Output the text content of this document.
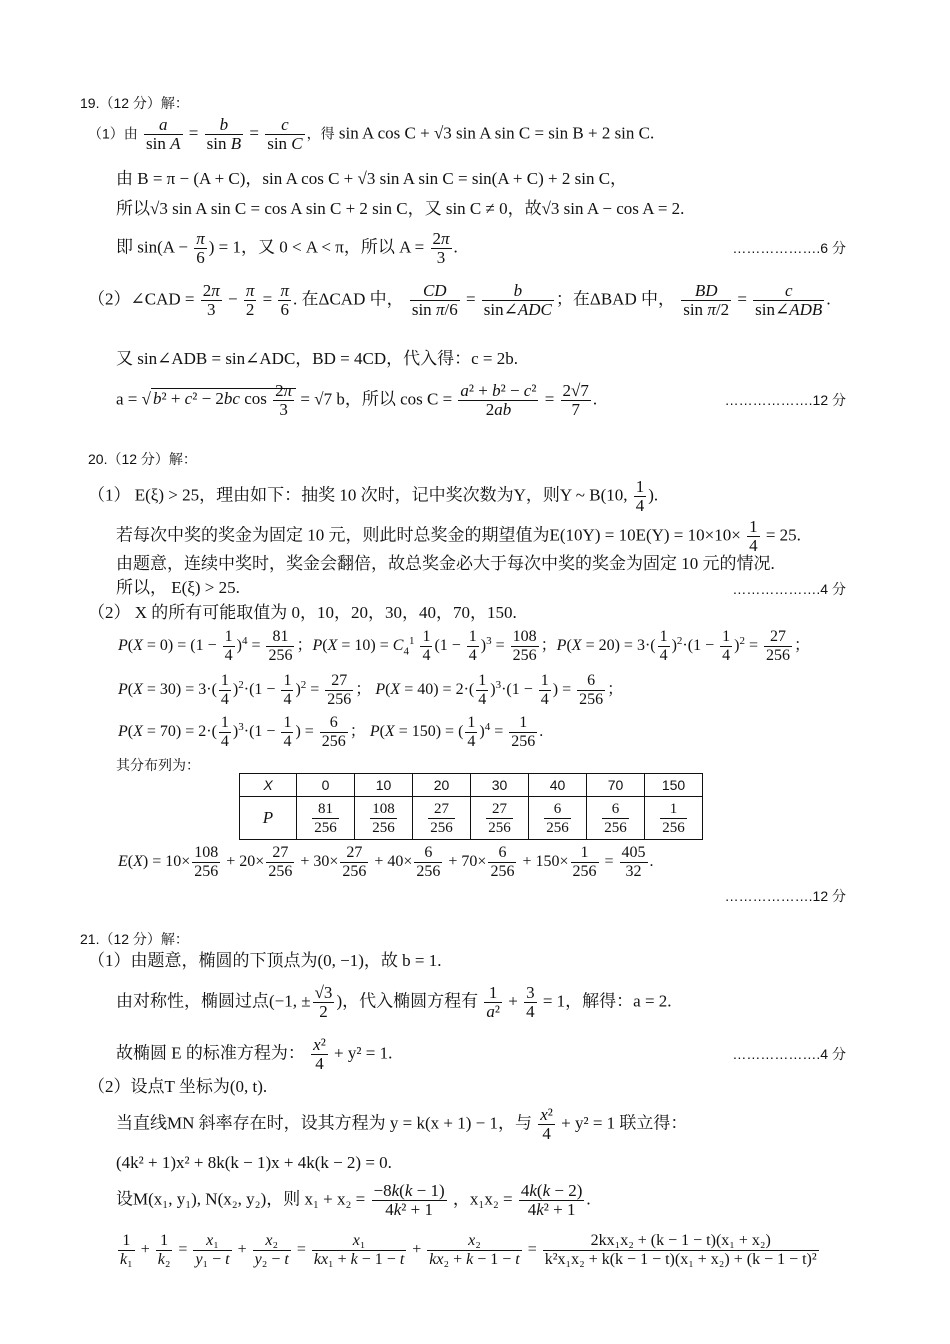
19.（12 分）解：
（1）由 $\frac{a}{\text{sin A}} = \frac{b}{\text{sin B}} = \frac{c}{\text{sin C}}$ ，得 sin A cos C + √3 sin A sin C = sin B + 2 sin C.
由 B = π − (A + C)，sin A cos C + √3 sin A sin C = sin(A + C) + 2 sin C，
所以√3 sin A sin C = cos A sin C + 2 sin C，又 sin C ≠ 0，故√3 sin A − cos A = 2.
即 $\sin(A - \frac{\pi}{6}$ ) = 1，又 0 < A < π，所以 $A = \frac{2\pi}{3}$ .	……………….6 分
（2）∠CAD = $\frac{2\pi}{3} - \frac{\pi}{2} = \frac{\pi}{6}$ . 在ΔCAD 中， $\frac{CD}{\text{sin π/6}}$ =	b
sin∠ADC
；在ΔBAD 中， $\frac{BD}{\text{sin π/2}}$ =	c
sin∠ADB
.
又 sin∠ADB = sin∠ADC，BD = 4CD，代入得：c = 2b.
a = √ b² + c² − 2bc $\cos \frac{2\pi}{3} = √7$ b，所以 $\cos C = \frac{\text{a² + b² − c²}}{2ab} = \frac{2√7}{7}$ .	……………….12 分
20.（12 分）解：
（1） E(ξ) > 25，理由如下：抽奖 10 次时，记中奖次数为Y，则Y ~ B(10, $\frac{1}{4}$ ).
若每次中奖的奖金为固定 10 元，则此时总奖金的期望值为$E(10Y) = 10E(Y) = 10\times 10\times \frac{1}{4} = 25$.
由题意，连续中奖时，奖金会翻倍，故总奖金必大于每次中奖的奖金为固定 10 元的情况.
所以， E(ξ) > 25.	……………….4 分
（2） X 的所有可能取值为 0，10，20，30，40，70，150.
$P(X = 0) = (1 - \frac{1}{4} )^4 = \frac{81}{256}$ ；$P(X = 10) = C_4^1 \frac{1}{4} (1 - \frac{1}{4} )^3 = \frac{108}{256}$ ；$P(X = 20) = 3\cdot( \frac{1}{4} )^2\cdot(1 - \frac{1}{4} )^2 = \frac{27}{256}$ ；
$P(X = 30) = 3\cdot( \frac{1}{4} )^2\cdot(1 - \frac{1}{4} )^2 = \frac{27}{256}$ ； $P(X = 40) = 2\cdot( \frac{1}{4} )^3\cdot(1 - \frac{1}{4}$ ) = $\frac{6}{256}$ ；
$P(X = 70) = 2\cdot( \frac{1}{4} )^3\cdot(1 - \frac{1}{4}$ ) = $\frac{6}{256}$ ； P(X = 150) = ( $\frac{1}{4} )^4 = \frac{1}{256}$ .
其分布列为：
X	0	10	20	30	40	70	150
P	$\frac{81}{256}$	$\frac{108}{256}$	$\frac{27}{256}$	$\frac{27}{256}$	$\frac{6}{256}$	$\frac{6}{256}$	$\frac{1}{256}$
$E(X) = 10\times \frac{108}{256} + 20\times \frac{27}{256} + 30\times \frac{27}{256} + 40\times \frac{6}{256} + 70\times \frac{6}{256} + 150\times \frac{1}{256} = \frac{405}{32}$ .
……………….12 分
21.（12 分）解：
（1）由题意，椭圆的下顶点为(0, −1)，故 b = 1.
由对称性，椭圆过点(−1, ± $\frac{√3}{2}$ )，代入椭圆方程有 $\frac{1}{\text{a²}} + \frac{3}{4} = 1$，解得：a = 2.
故椭圆 E 的标准方程为： $\frac{\text{x²}}{4} + y^2 = 1$.	……………….4 分
（2）设点T 坐标为(0, t).
当直线MN 斜率存在时，设其方程为 y = k(x + 1) − 1，与 $\frac{\text{x²}}{4} + y^2 = 1$ 联立得：
(4k² + 1)x² + 8k(k − 1)x + 4k(k − 2) = 0.
设M(x₁, y₁), N(x₂, y₂)，则 $x_1 + x_2 = \frac{-8k(k - 1)}{\text{4k² + 1}}$ ，$x_1x_2 = \frac{4k(k - 2)}{\text{4k² + 1}}$ .
$\frac{1}{\text{k₁}} + \frac{1}{\text{k₂}} = \frac{\text{x₁}}{\text{y₁ − t}} + \frac{\text{x₂}}{\text{y₂ − t}} = \frac{\text{x₁}}{\text{kx₁ + k − 1 − t}} + \frac{\text{x₂}}{\text{kx₂ + k − 1 − t}} = \frac{\text{2kx₁x₂ + (k − 1 − t)(x₁ + x₂)}}{\text{k²x₁x₂ + k(k − 1 − t)(x₁ + x₂) + (k − 1 − t)²}}$
